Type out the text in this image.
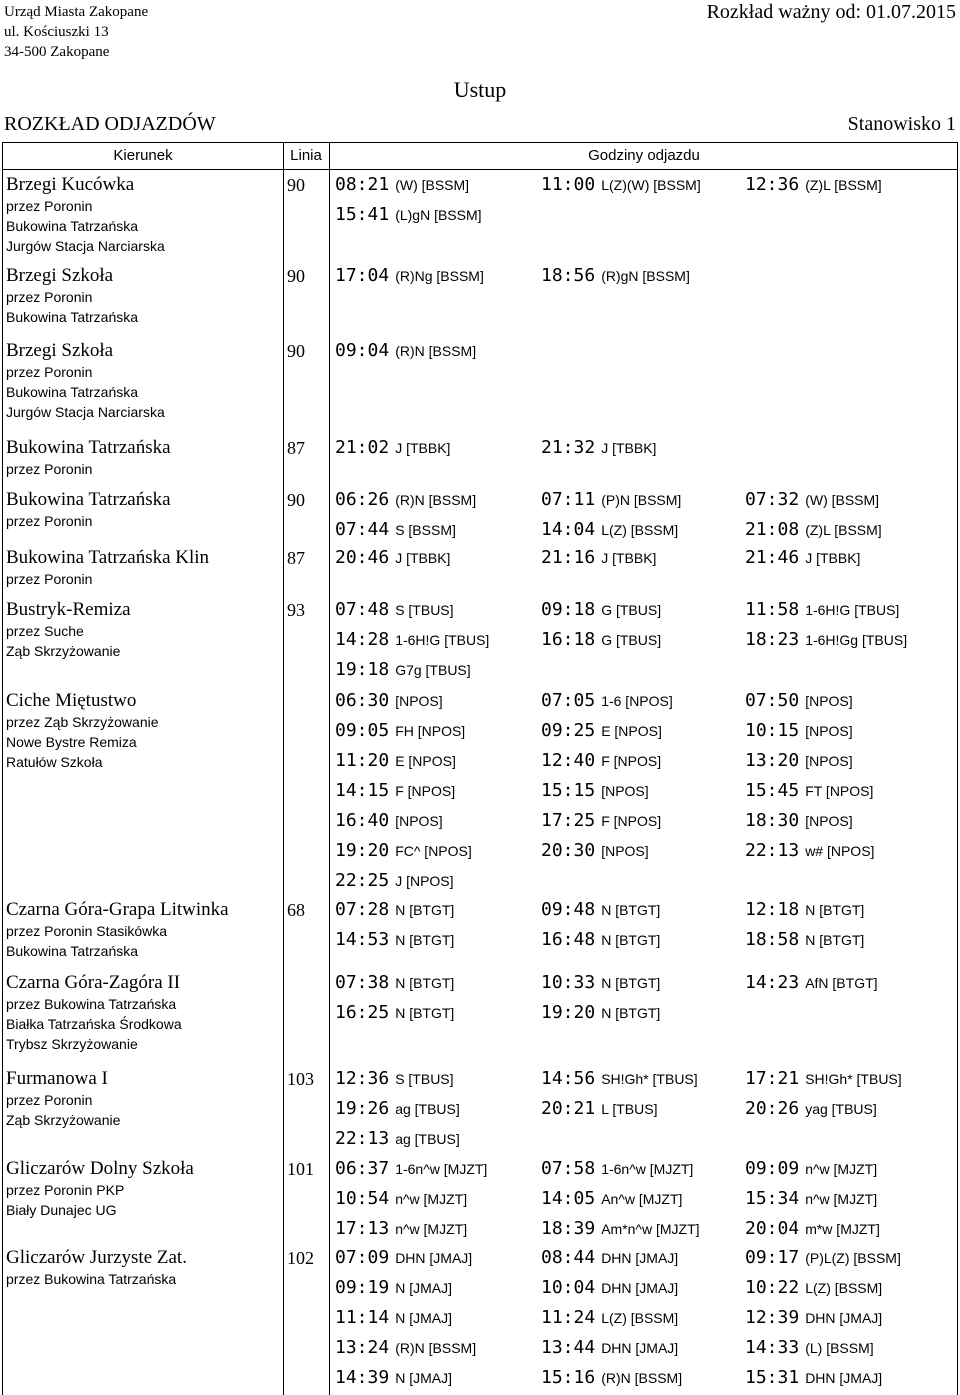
Urząd Miasta Zakopane
ul. Kościuszki 13
34-500 Zakopane
Rozkład ważny od: 01.07.2015
Ustup
ROZKŁAD ODJAZDÓW	Stanowisko 1
Kierunek	Linia	Godziny odjazdu
Brzegi Kucówka
przez Poronin
Bukowina Tatrzańska
Jurgów Stacja Narciarska
90 08:21 (W) [BSSM]	11:00 L(Z)(W) [BSSM] 12:36 (Z)L [BSSM]
15:41 (L)gN [BSSM]
Brzegi Szkoła
przez Poronin
Bukowina Tatrzańska
90 17:04 (R)Ng [BSSM]	18:56 (R)gN [BSSM]
Brzegi Szkoła
przez Poronin
Bukowina Tatrzańska
Jurgów Stacja Narciarska
90 09:04 (R)N [BSSM]
Bukowina Tatrzańska
przez Poronin
87 21:02 J [TBBK]	21:32 J [TBBK]
Bukowina Tatrzańska
przez Poronin
90 06:26 (R)N [BSSM]	07:11 (P)N [BSSM]	07:32 (W) [BSSM]
07:44 S [BSSM]	14:04 L(Z) [BSSM]	21:08 (Z)L [BSSM]
Bukowina Tatrzańska Klin
przez Poronin
87 20:46 J [TBBK]	21:16 J [TBBK]	21:46 J [TBBK]
Bustryk-Remiza
przez Suche
Ząb Skrzyżowanie
93 07:48 S [TBUS]	09:18 G [TBUS]	11:58 1-6H!G [TBUS]
14:28 1-6H!G [TBUS]	16:18 G [TBUS]	18:23 1-6H!Gg [TBUS]
19:18 G7g [TBUS]
Ciche Miętustwo
przez Ząb Skrzyżowanie
Nowe Bystre Remiza
Ratułów Szkoła
06:30 [NPOS]	07:05 1-6 [NPOS]	07:50 [NPOS]
09:05 FH [NPOS]	09:25 E [NPOS]	10:15 [NPOS]
11:20 E [NPOS]	12:40 F [NPOS]	13:20 [NPOS]
14:15 F [NPOS]	15:15 [NPOS]	15:45 FT [NPOS]
16:40 [NPOS]	17:25 F [NPOS]	18:30 [NPOS]
19:20 FC^ [NPOS]	20:30 [NPOS]	22:13 w# [NPOS]
22:25 J [NPOS]
Czarna Góra-Grapa Litwinka
przez Poronin Stasikówka
Bukowina Tatrzańska
68 07:28 N [BTGT]	09:48 N [BTGT]	12:18 N [BTGT]
14:53 N [BTGT]	16:48 N [BTGT]	18:58 N [BTGT]
Czarna Góra-Zagóra II
przez Bukowina Tatrzańska
Białka Tatrzańska Środkowa
Trybsz Skrzyżowanie
07:38 N [BTGT]	10:33 N [BTGT]	14:23 AfN [BTGT]
16:25 N [BTGT]	19:20 N [BTGT]
Furmanowa I
przez Poronin
Ząb Skrzyżowanie
103 12:36 S [TBUS]	14:56 SH!Gh* [TBUS]	17:21 SH!Gh* [TBUS]
19:26 ag [TBUS]	20:21 L [TBUS]	20:26 yag [TBUS]
22:13 ag [TBUS]
Gliczarów Dolny Szkoła
przez Poronin PKP
Biały Dunajec UG
101 06:37 1-6n^w [MJZT]	07:58 1-6n^w [MJZT]	09:09 n^w [MJZT]
10:54 n^w [MJZT]	14:05 An^w [MJZT]	15:34 n^w [MJZT]
17:13 n^w [MJZT]	18:39 Am*n^w [MJZT]	20:04 m*w [MJZT]
Gliczarów Jurzyste Zat.
przez Bukowina Tatrzańska
102 07:09 DHN [JMAJ]	08:44 DHN [JMAJ]	09:17 (P)L(Z) [BSSM]
09:19 N [JMAJ]	10:04 DHN [JMAJ]	10:22 L(Z) [BSSM]
11:14 N [JMAJ]	11:24 L(Z) [BSSM]	12:39 DHN [JMAJ]
13:24 (R)N [BSSM]	13:44 DHN [JMAJ]	14:33 (L) [BSSM]
14:39 N [JMAJ]	15:16 (R)N [BSSM]	15:31 DHN [JMAJ]
